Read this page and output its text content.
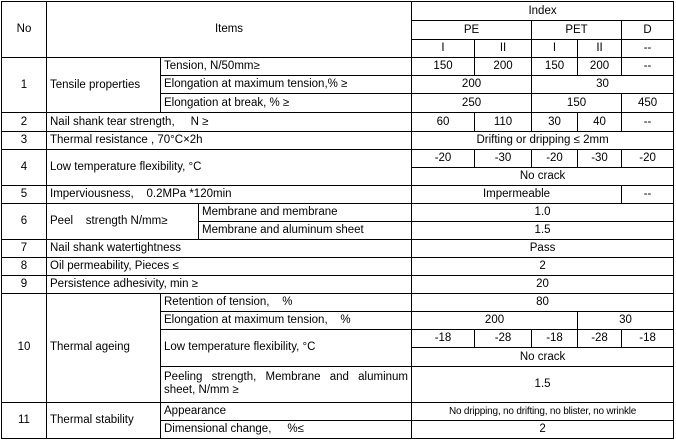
No	Items			Index					
				PE		PET		D	
				I	II	I	II	--	
1	Tensile properties	Tension, N/50mm≥		150	200	150	200	--	
		Elongation at maximum tension,% ≥		200		30			
		Elongation at break, % ≥		250		150		450	
2	Nail shank tear strength,     N ≥			60	110	30	40	--	
3	Thermal resistance , 70°C×2h			Drifting or dripping ≤ 2mm					
4	Low temperature flexibility, °C			-20	-30	-20	-30	-20	
				No crack					
5	Imperviousness,    0.2MPa *120min			Impermeable				--	
6	Peel    strength N/mm≥		Membrane and membrane	1.0					
			Membrane and aluminum sheet	1.5					
7	Nail shank watertightness			Pass					
8	Oil permeability, Pieces ≤			2					
9	Persistence adhesivity, min ≥			20					
10	Thermal ageing	Retention of tension,    %		80					
		Elongation at maximum tension,    %		200			30	
		Low temperature flexibility, °C		-18	-28	-18	-28	-18	
				No crack					
		Peeling strength, Membrane and aluminum sheet, N/mm ≥		1.5					

11	Thermal stability	Appearance		No dripping, no drifting, no blister, no wrinkle					
		Dimensional change,     %≤		2					
